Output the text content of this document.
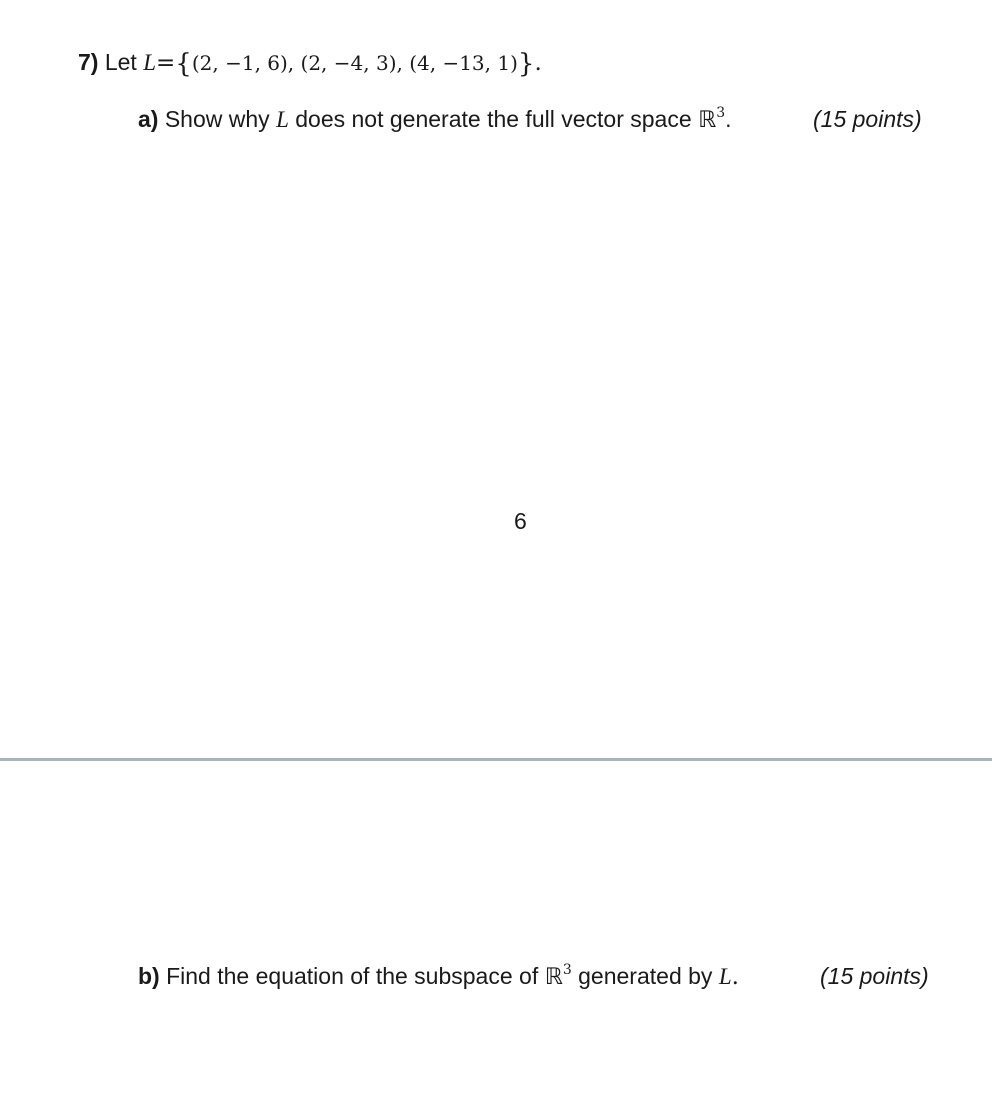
7) Let L={(2, −1, 6), (2, −4, 3), (4, −13, 1)}.
a) Show why L does not generate the full vector space ℝ$^3$.	(15 points)
6
b) Find the equation of the subspace of ℝ$^3$ generated by L.	(15 points)
